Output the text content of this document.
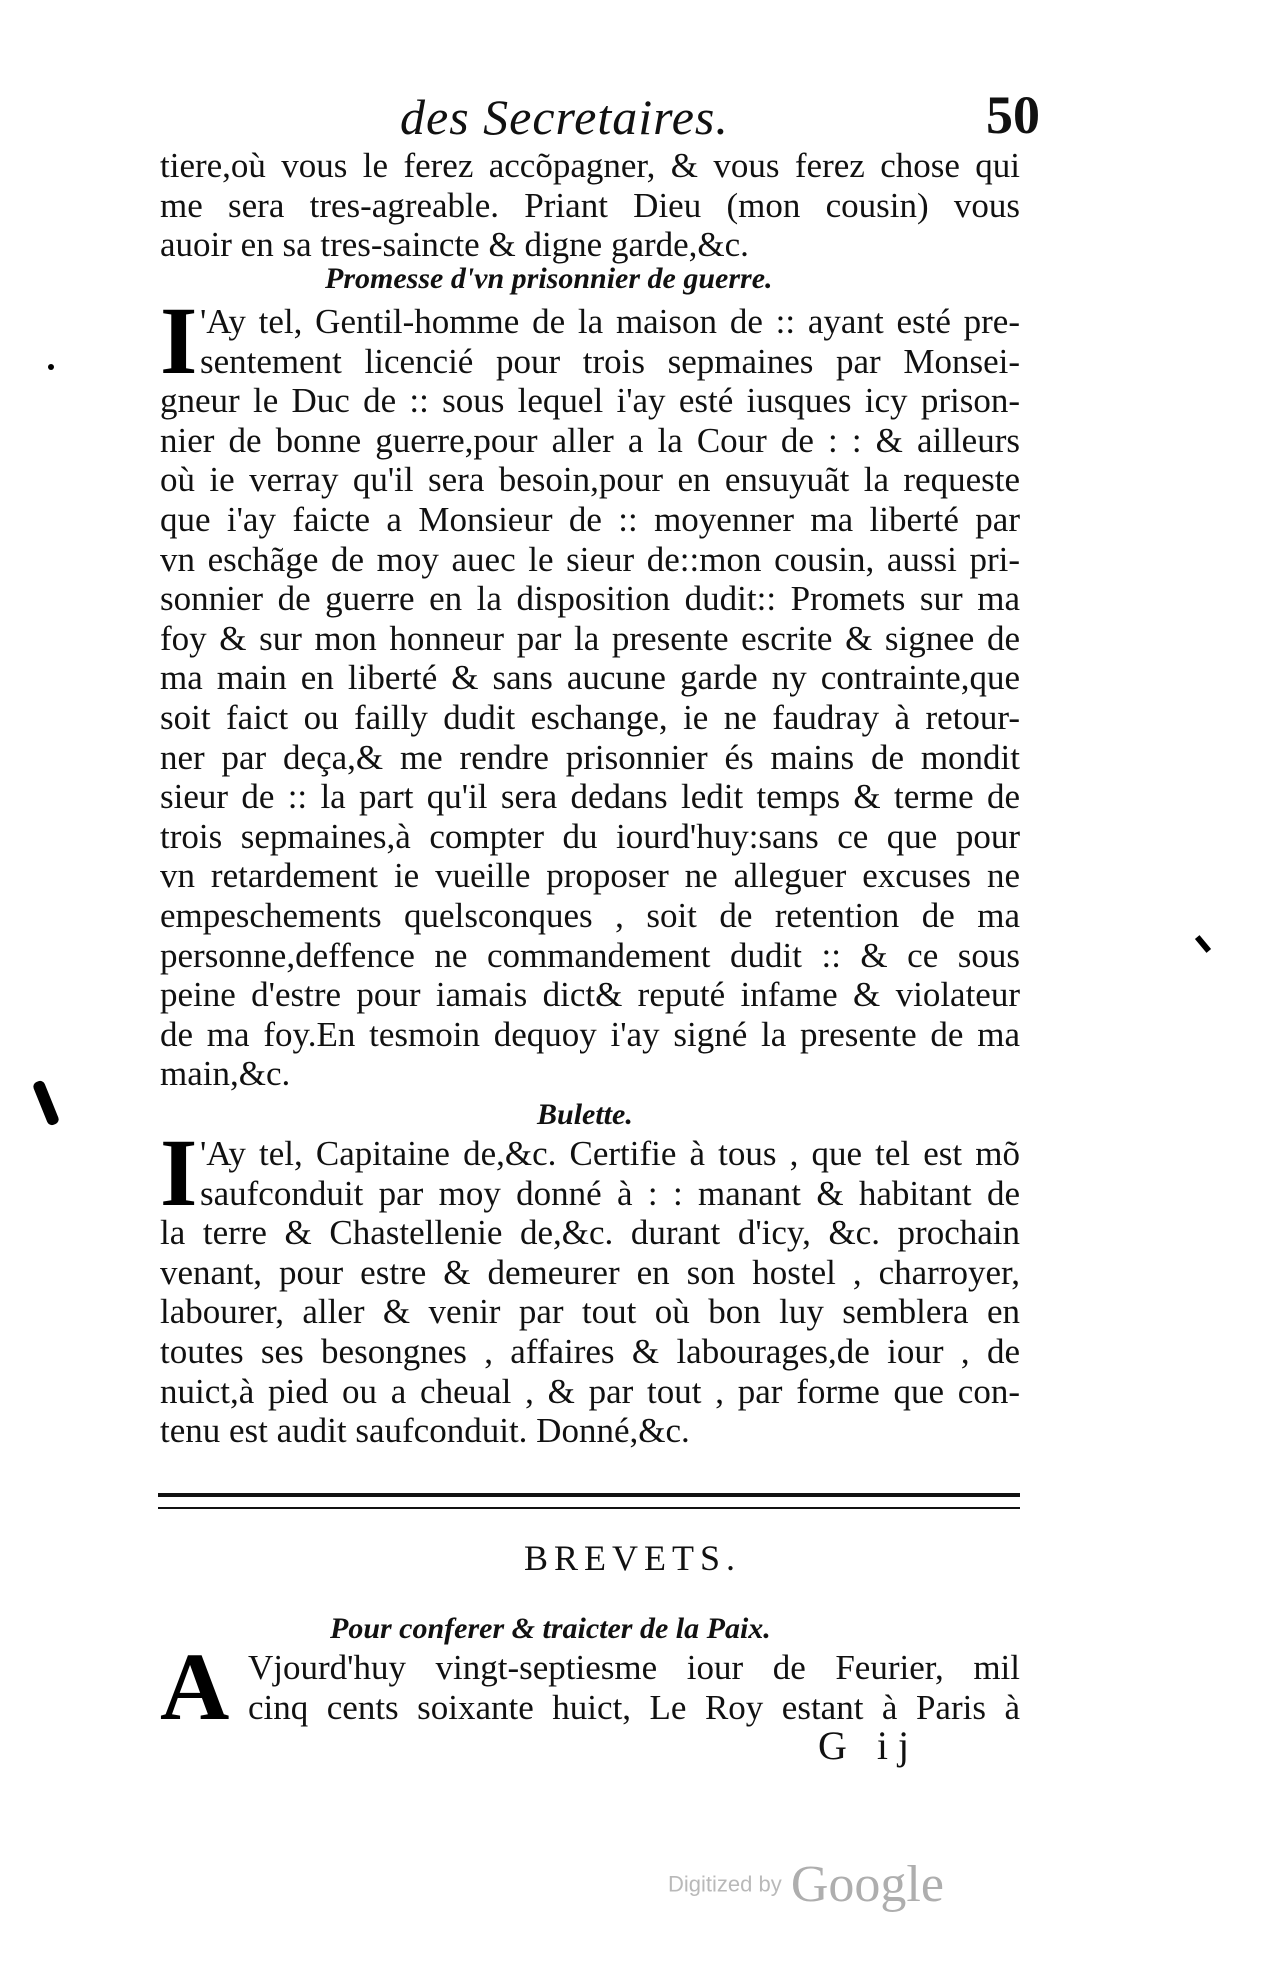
des Secretaires.	50
tiere,où vous le ferez accõpagner, & vous ferez chose qui
me sera tres-agreable. Priant Dieu (mon cousin) vous
auoir en sa tres-saincte & digne garde,&c.
Promesse d'vn prisonnier de guerre.
I 'Ay tel, Gentil-homme de la maison de :: ayant esté pre-
sentement licencié pour trois sepmaines par Monsei-
gneur le Duc de :: sous lequel i'ay esté iusques icy prison-
nier de bonne guerre,pour aller a la Cour de : : & ailleurs
où ie verray qu'il sera besoin,pour en ensuyuãt la requeste
que i'ay faicte a Monsieur de :: moyenner ma liberté par
vn eschãge de moy auec le sieur de::mon cousin, aussi pri-
sonnier de guerre en la disposition dudit:: Promets sur ma
foy & sur mon honneur par la presente escrite & signee de
ma main en liberté & sans aucune garde ny contrainte,que
soit faict ou failly dudit eschange, ie ne faudray à retour-
ner par deça,& me rendre prisonnier és mains de mondit
sieur de :: la part qu'il sera dedans ledit temps & terme de
trois sepmaines,à compter du iourd'huy:sans ce que pour
vn retardement ie vueille proposer ne alleguer excuses ne
empeschements quelsconques , soit de retention de ma
personne,deffence ne commandement dudit :: & ce sous
peine d'estre pour iamais dict& reputé infame & violateur
de ma foy.En tesmoin dequoy i'ay signé la presente de ma
main,&c.
Bulette.
I 'Ay tel, Capitaine de,&c. Certifie à tous , que tel est mõ
saufconduit par moy donné à : : manant & habitant de
la terre & Chastellenie de,&c. durant d'icy, &c. prochain
venant, pour estre & demeurer en son hostel , charroyer,
labourer, aller & venir par tout où bon luy semblera en
toutes ses besongnes , affaires & labourages,de iour , de
nuict,à pied ou a cheual , & par tout , par forme que con-
tenu est audit saufconduit. Donné,&c.
BREVETS.
Pour conferer & traicter de la Paix.
A Vjourd'huy vingt-septiesme iour de Feurier, mil
cinq cents soixante huict, Le Roy estant à Paris à
G ij
Digitized by Google
